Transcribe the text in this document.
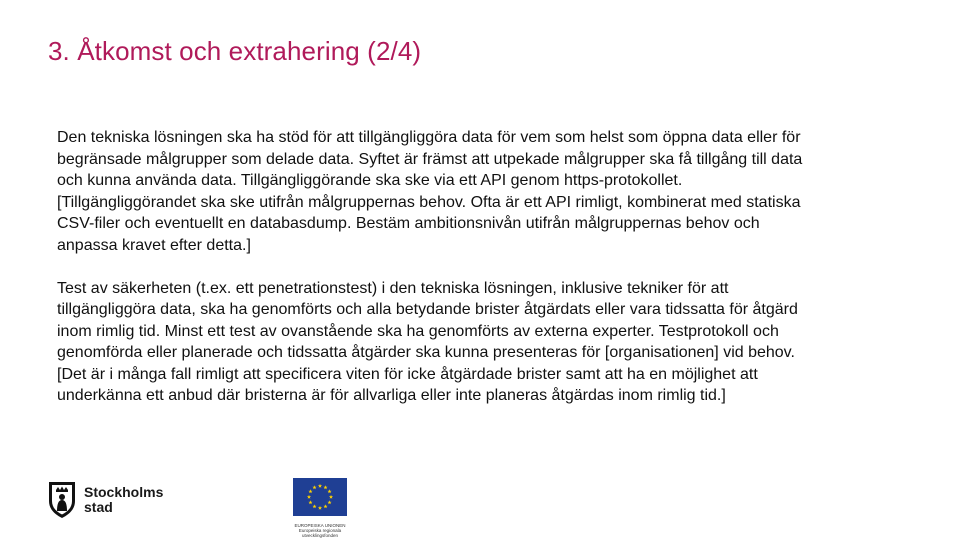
3. Åtkomst och extrahering (2/4)

Den tekniska lösningen ska ha stöd för att tillgängliggöra data för vem som helst som öppna data eller för
begränsade målgrupper som delade data. Syftet är främst att utpekade målgrupper ska få tillgång till data
och kunna använda data. Tillgängliggörande ska ske via ett API genom https-protokollet.
[Tillgängliggörandet ska ske utifrån målgruppernas behov. Ofta är ett API rimligt, kombinerat med statiska
CSV-filer och eventuellt en databasdump. Bestäm ambitionsnivån utifrån målgruppernas behov och
anpassa kravet efter detta.]

Test av säkerheten (t.ex. ett penetrationstest) i den tekniska lösningen, inklusive tekniker för att
tillgängliggöra data, ska ha genomförts och alla betydande brister åtgärdats eller vara tidssatta för åtgärd
inom rimlig tid. Minst ett test av ovanstående ska ha genomförts av externa experter. Testprotokoll och
genomförda eller planerade och tidssatta åtgärder ska kunna presenteras för [organisationen] vid behov.
[Det är i många fall rimligt att specificera viten för icke åtgärdade brister samt att ha en möjlighet att
underkänna ett anbud där bristerna är för allvarliga eller inte planeras åtgärdas inom rimlig tid.]

Stockholms
stad
EUROPEISKA UNIONEN
Europeiska regionala
utvecklingsfonden
